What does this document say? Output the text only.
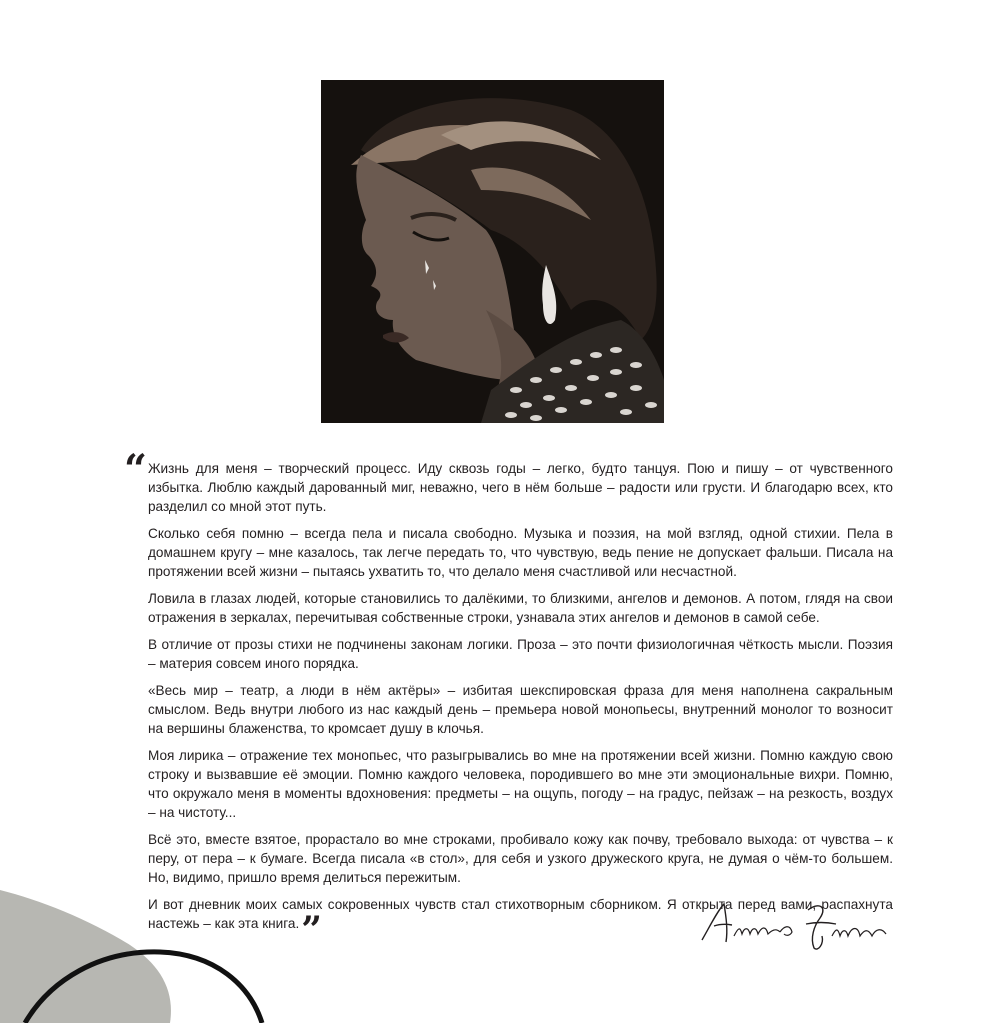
“ Жизнь для меня – творческий процесс. Иду сквозь годы – легко, будто танцуя. Пою и пишу – от чувственного избытка. Люблю каждый дарованный миг, неважно, чего в нём больше – радости или грусти. И благодарю всех, кто разделил со мной этот путь.

Сколько себя помню – всегда пела и писала свободно. Музыка и поэзия, на мой взгляд, одной стихии. Пела в домашнем кругу – мне казалось, так легче передать то, что чувствую, ведь пение не допускает фальши. Писала на протяжении всей жизни – пытаясь ухватить то, что делало меня счастливой или несчастной.

Ловила в глазах людей, которые становились то далёкими, то близкими, ангелов и демонов. А потом, глядя на свои отражения в зеркалах, перечитывая собственные строки, узнавала этих ангелов и демонов в самой себе.

В отличие от прозы стихи не подчинены законам логики. Проза – это почти физиологичная чёткость мысли. Поэзия – материя совсем иного порядка.

«Весь мир – театр, а люди в нём актёры» – избитая шекспировская фраза для меня наполнена сакральным смыслом. Ведь внутри любого из нас каждый день – премьера новой монопьесы, внутренний монолог то возносит на вершины блаженства, то кромсает душу в клочья.

Моя лирика – отражение тех монопьес, что разыгрывались во мне на протяжении всей жизни. Помню каждую свою строку и вызвавшие её эмоции. Помню каждого человека, породившего во мне эти эмоциональные вихри. Помню, что окружало меня в моменты вдохновения: предметы – на ощупь, погоду – на градус, пейзаж – на резкость, воздух – на чистоту...

Всё это, вместе взятое, прорастало во мне строками, пробивало кожу как почву, требовало выхода: от чувства – к перу, от пера – к бумаге. Всегда писала «в стол», для себя и узкого дружеского круга, не думая о чём-то большем. Но, видимо, пришло время делиться пережитым.

И вот дневник моих самых сокровенных чувств стал стихотворным сборником. Я открыта перед вами, распахнута настежь – как эта книга.”
